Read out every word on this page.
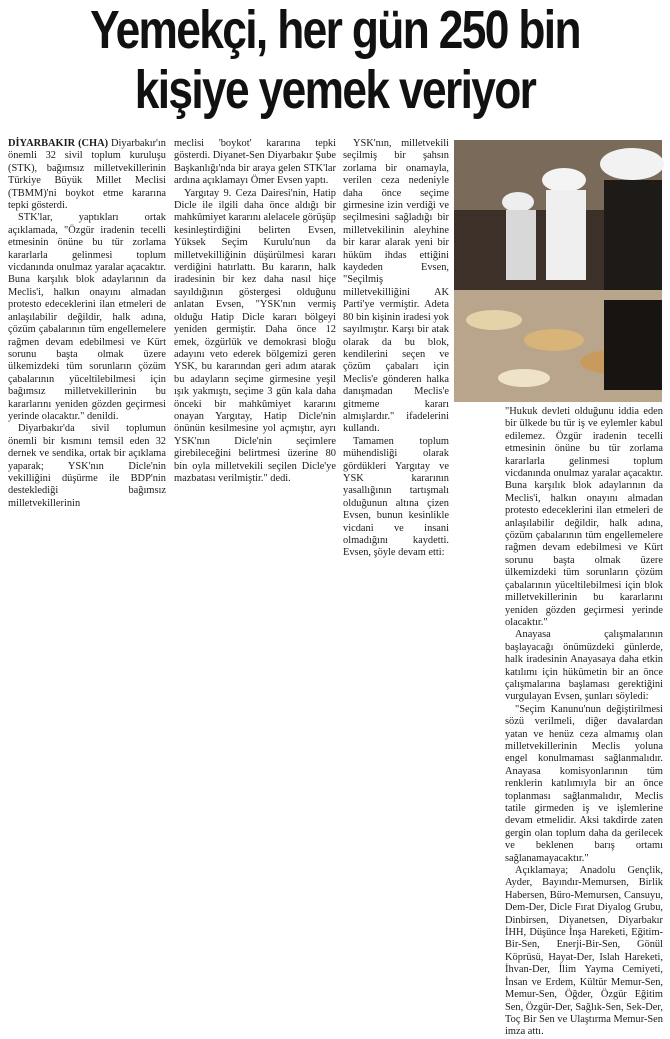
Yemekçi, her gün 250 bin
kişiye yemek veriyor

DİYARBAKIR (CHA) Diyarbakır'ın önemli 32 sivil toplum kuruluşu (STK), bağımsız milletvekillerinin Türkiye Büyük Millet Meclisi (TBMM)'ni boykot etme kararına tepki gösterdi.

STK'lar, yaptıkları ortak açıklamada, "Özgür iradenin tecelli etmesinin önüne bu tür zorlama kararlarla gelinmesi toplum vicdanında onulmaz yaralar açacaktır. Buna karşılık blok adaylarının da Meclis'i, halkın onayını almadan protesto edeceklerini ilan etmeleri de anlaşılabilir değildir, halk adına, çözüm çabalarının tüm engellemelere rağmen devam edebilmesi ve Kürt sorunu başta olmak üzere ülkemizdeki tüm sorunların çözüm çabalarının yüceltilebilmesi için bağımsız milletvekillerinin bu kararlarını yeniden gözden geçirmesi yerinde olacaktır." denildi.

Diyarbakır'da sivil toplumun önemli bir kısmını temsil eden 32 dernek ve sendika, ortak bir açıklama yaparak; YSK'nın Dicle'nin vekilliğini düşürme ile BDP'nin desteklediği bağımsız milletvekillerinin

meclisi 'boykot' kararına tepki gösterdi. Diyanet-Sen Diyarbakır Şube Başkanlığı'nda bir araya gelen STK'lar ardına açıklamayı Ömer Evsen yaptı.

Yargıtay 9. Ceza Dairesi'nin, Hatip Dicle ile ilgili daha önce aldığı bir mahkûmiyet kararını alelacele görüşüp kesinleştirdiğini belirten Evsen, Yüksek Seçim Kurulu'nun da milletvekilliğinin düşürülmesi kararı verdiğini hatırlattı. Bu kararın, halk iradesinin bir kez daha nasıl hiçe sayıldığının göstergesi olduğunu anlatan Evsen, "YSK'nın vermiş olduğu Hatip Dicle kararı bölgeyi yeniden germiştir. Daha önce 12 emek, özgürlük ve demokrasi bloğu adayını veto ederek bölgemizi geren YSK, bu kararından geri adım atarak bu adayların seçime girmesine yeşil ışık yakmıştı, seçime 3 gün kala daha önceki bir mahkûmiyet kararını onayan Yargıtay, Hatip Dicle'nin önünün kesilmesine yol açmıştır, ayrı YSK'nın Dicle'nin seçimlere girebileceğini belirtmesi üzerine 80 bin oyla milletvekili seçilen Dicle'ye mazbatası verilmiştir." dedi.

YSK'nın, milletvekili seçilmiş bir şahsın zorlama bir onamayla, verilen ceza nedeniyle daha önce seçime girmesine izin verdiği ve seçilmesini sağladığı bir milletvekilinin aleyhine bir karar alarak yeni bir hüküm ihdas ettiğini kaydeden Evsen, "Seçilmiş milletvekilliğini AK Parti'ye vermiştir. Adeta 80 bin kişinin iradesi yok sayılmıştır. Karşı bir atak olarak da bu blok, kendilerini seçen ve çözüm çabaları için Meclis'e gönderen halka danışmadan Meclis'e gitmeme kararı almışlardır." ifadelerini kullandı.

Tamamen toplum mühendisliği olarak gördükleri Yargıtay ve YSK kararının yasallığının tartışmalı olduğunun altına çizen Evsen, bunun kesinlikle vicdani ve insani olmadığını kaydetti. Evsen, şöyle devam etti:

"Hukuk devleti olduğunu iddia eden bir ülkede bu tür iş ve eylemler kabul edilemez. Özgür iradenin tecelli etmesinin önüne bu tür zorlama kararlarla gelinmesi toplum vicdanında onulmaz yaralar açacaktır. Buna karşılık blok adaylarının da Meclis'i, halkın onayını almadan protesto edeceklerini ilan etmeleri de anlaşılabilir değildir, halk adına, çözüm çabalarının tüm engellemelere rağmen devam edebilmesi ve Kürt sorunu başta olmak üzere ülkemizdeki tüm sorunların çözüm çabalarının yüceltilebilmesi için blok milletvekillerinin bu kararlarını yeniden gözden geçirmesi yerinde olacaktır."

Anayasa çalışmalarının başlayacağı önümüzdeki günlerde, halk iradesinin Anayasaya daha etkin katılımı için hükümetin bir an önce çalışmalarına başlaması gerektiğini vurgulayan Evsen, şunları söyledi:

"Seçim Kanunu'nun değiştirilmesi sözü verilmeli, diğer davalardan yatan ve henüz ceza almamış olan milletvekillerinin Meclis yoluna engel konulmaması sağlanmalıdır. Anayasa komisyonlarının tüm renklerin katılımıyla bir an önce toplanması sağlanmalıdır, Meclis tatile girmeden iş ve işlemlerine devam etmelidir. Aksi takdirde zaten gergin olan toplum daha da gerilecek ve beklenen barış ortamı sağlanamayacaktır."

Açıklamaya; Anadolu Gençlik, Ayder, Bayındır-Memursen, Birlik Habersen, Büro-Memursen, Cansuyu, Dem-Der, Dicle Fırat Diyalog Grubu, Dinbirsen, Diyanetsen, Diyarbakır İHH, Düşünce İnşa Hareketi, Eğitim-Bir-Sen, Enerji-Bir-Sen, Gönül Köprüsü, Hayat-Der, Islah Hareketi, İhvan-Der, İlim Yayma Cemiyeti, İnsan ve Erdem, Kültür Memur-Sen, Memur-Sen, Öğder, Özgür Eğitim Sen, Özgür-Der, Sağlık-Sen, Sek-Der, Toç Bir Sen ve Ulaştırma Memur-Sen imza attı.
